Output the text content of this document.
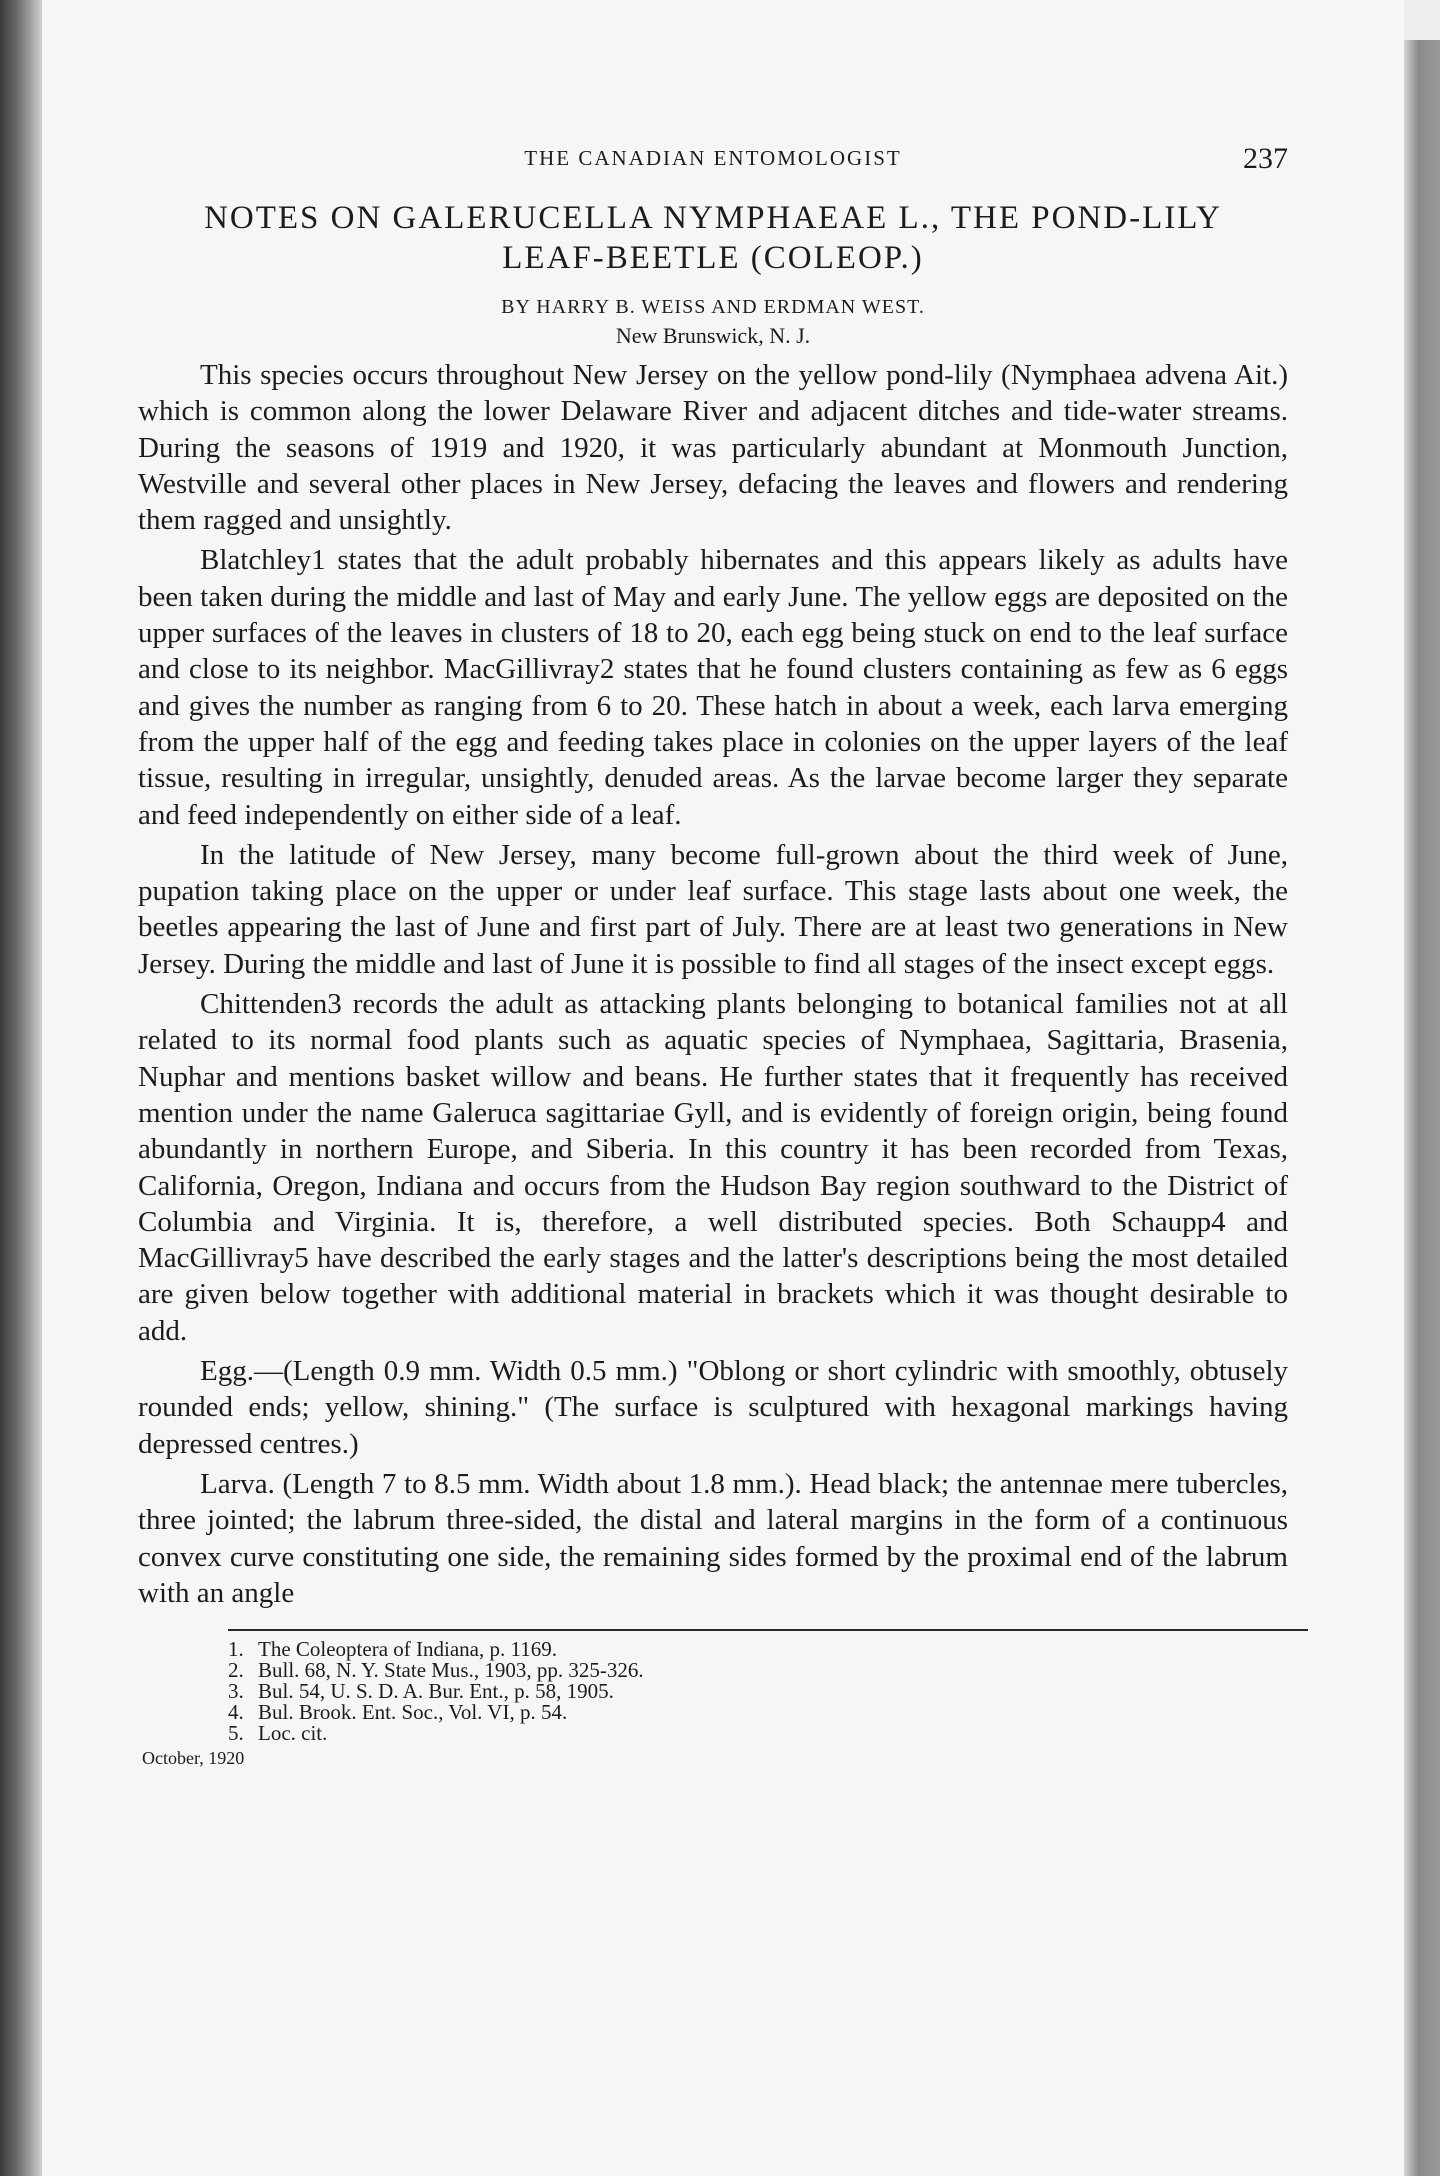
THE CANADIAN ENTOMOLOGIST	237
NOTES ON GALERUCELLA NYMPHAEAE L., THE POND-LILY LEAF-BEETLE (COLEOP.)
BY HARRY B. WEISS AND ERDMAN WEST.
New Brunswick, N. J.

This species occurs throughout New Jersey on the yellow pond-lily (Nymphaea advena Ait.) which is common along the lower Delaware River and adjacent ditches and tide-water streams. During the seasons of 1919 and 1920, it was particularly abundant at Monmouth Junction, Westville and several other places in New Jersey, defacing the leaves and flowers and rendering them ragged and unsightly.

Blatchley1 states that the adult probably hibernates and this appears likely as adults have been taken during the middle and last of May and early June. The yellow eggs are deposited on the upper surfaces of the leaves in clusters of 18 to 20, each egg being stuck on end to the leaf surface and close to its neighbor. MacGillivray2 states that he found clusters containing as few as 6 eggs and gives the number as ranging from 6 to 20. These hatch in about a week, each larva emerging from the upper half of the egg and feeding takes place in colonies on the upper layers of the leaf tissue, resulting in irregular, unsightly, denuded areas. As the larvae become larger they separate and feed independently on either side of a leaf.

In the latitude of New Jersey, many become full-grown about the third week of June, pupation taking place on the upper or under leaf surface. This stage lasts about one week, the beetles appearing the last of June and first part of July. There are at least two generations in New Jersey. During the middle and last of June it is possible to find all stages of the insect except eggs.

Chittenden3 records the adult as attacking plants belonging to botanical families not at all related to its normal food plants such as aquatic species of Nymphaea, Sagittaria, Brasenia, Nuphar and mentions basket willow and beans. He further states that it frequently has received mention under the name Galeruca sagittariae Gyll, and is evidently of foreign origin, being found abundantly in northern Europe, and Siberia. In this country it has been recorded from Texas, California, Oregon, Indiana and occurs from the Hudson Bay region southward to the District of Columbia and Virginia. It is, therefore, a well distributed species. Both Schaupp4 and MacGillivray5 have described the early stages and the latter's descriptions being the most detailed are given below together with additional material in brackets which it was thought desirable to add.

Egg.—(Length 0.9 mm. Width 0.5 mm.) "Oblong or short cylindric with smoothly, obtusely rounded ends; yellow, shining." (The surface is sculptured with hexagonal markings having depressed centres.)

Larva. (Length 7 to 8.5 mm. Width about 1.8 mm.). Head black; the antennae mere tubercles, three jointed; the labrum three-sided, the distal and lateral margins in the form of a continuous convex curve constituting one side, the remaining sides formed by the proximal end of the labrum with an angle

1. The Coleoptera of Indiana, p. 1169.
2. Bull. 68, N. Y. State Mus., 1903, pp. 325-326.
3. Bul. 54, U. S. D. A. Bur. Ent., p. 58, 1905.
4. Bul. Brook. Ent. Soc., Vol. VI, p. 54.
5. Loc. cit.
October, 1920
